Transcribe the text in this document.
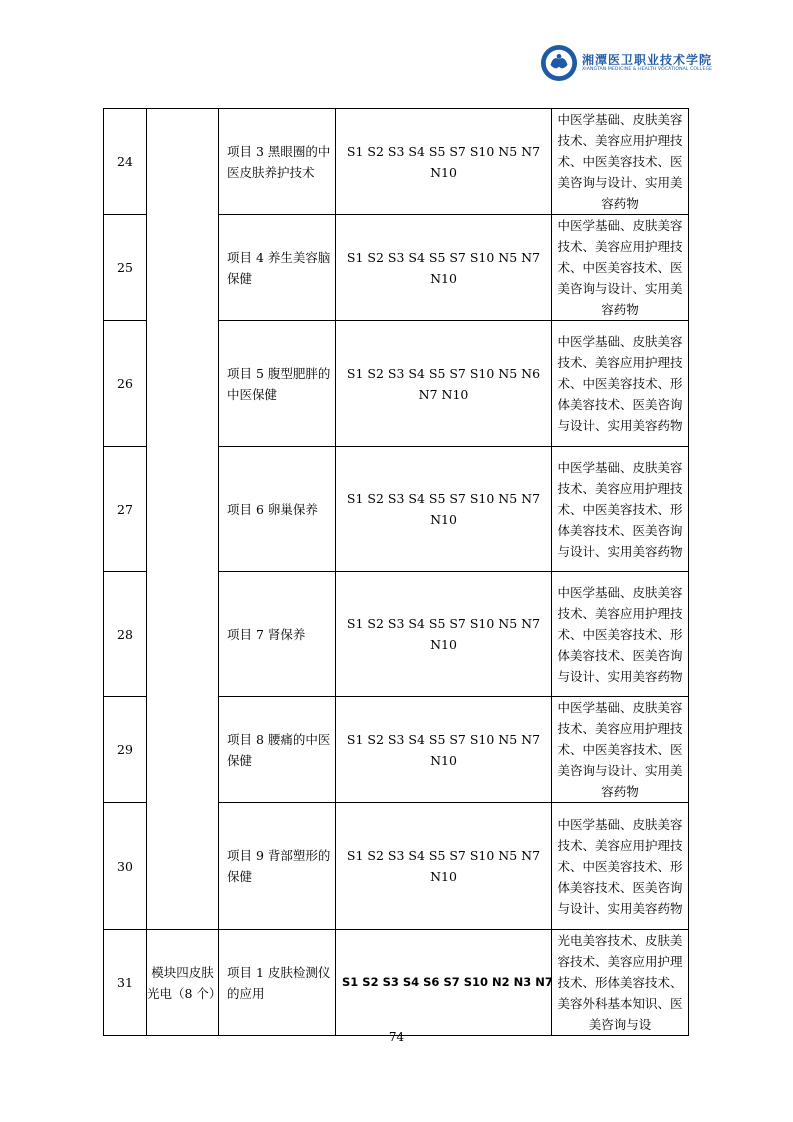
湘潭医卫职业技术学院
XIANGTAN MEDICINE & HEALTH VOCATIONAL COLLEGE
24		项目 3 黑眼圈的中医皮肤养护技术	S1 S2 S3 S4 S5 S7 S10 N5 N7 N10	中医学基础、皮肤美容技术、美容应用护理技术、中医美容技术、医美咨询与设计、实用美容药物
25		项目 4 养生美容脑保健	S1 S2 S3 S4 S5 S7 S10 N5 N7 N10	中医学基础、皮肤美容技术、美容应用护理技术、中医美容技术、医美咨询与设计、实用美容药物
26		项目 5 腹型肥胖的中医保健	S1 S2 S3 S4 S5 S7 S10 N5 N6 N7 N10	中医学基础、皮肤美容技术、美容应用护理技术、中医美容技术、形体美容技术、医美咨询与设计、实用美容药物
27		项目 6 卵巢保养	S1 S2 S3 S4 S5 S7 S10 N5 N7 N10	中医学基础、皮肤美容技术、美容应用护理技术、中医美容技术、形体美容技术、医美咨询与设计、实用美容药物
28		项目 7 肾保养	S1 S2 S3 S4 S5 S7 S10 N5 N7 N10	中医学基础、皮肤美容技术、美容应用护理技术、中医美容技术、形体美容技术、医美咨询与设计、实用美容药物
29		项目 8 腰痛的中医保健	S1 S2 S3 S4 S5 S7 S10 N5 N7 N10	中医学基础、皮肤美容技术、美容应用护理技术、中医美容技术、医美咨询与设计、实用美容药物
30		项目 9 背部塑形的保健	S1 S2 S3 S4 S5 S7 S10 N5 N7 N10	中医学基础、皮肤美容技术、美容应用护理技术、中医美容技术、形体美容技术、医美咨询与设计、实用美容药物
31	模块四皮肤光电（8 个）	项目 1 皮肤检测仪的应用	S1 S2 S3 S4 S6 S7 S10 N2 N3 N7	光电美容技术、皮肤美容技术、美容应用护理技术、形体美容技术、美容外科基本知识、医美咨询与设
74
